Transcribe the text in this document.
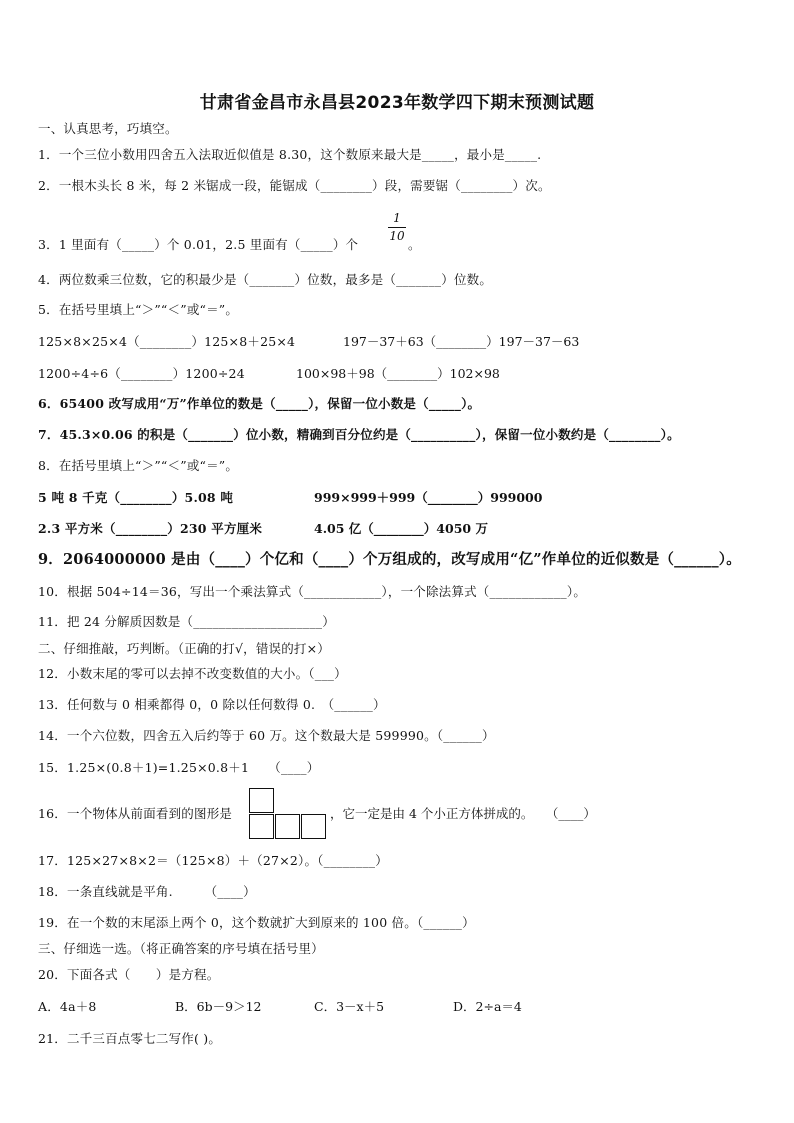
甘肃省金昌市永昌县2023年数学四下期末预测试题
一、认真思考，巧填空。
1．一个三位小数用四舍五入法取近似值是 8.30，这个数原来最大是_____，最小是_____.
2．一根木头长 8 米，每 2 米锯成一段，能锯成（________）段，需要锯（________）次。
3．1 里面有（_____）个 0.01，2.5 里面有（_____）个
1
10
。
4．两位数乘三位数，它的积最少是（_______）位数，最多是（_______）位数。
5．在括号里填上“＞”“＜”或“＝”。
125×8×25×4（________）125×8＋25×4	197－37＋63（________）197－37－63
1200÷4÷6（________）1200÷24	100×98＋98（________）102×98
6．65400 改写成用“万”作单位的数是（_____），保留一位小数是（_____）。
7．45.3×0.06 的积是（_______）位小数，精确到百分位约是（__________），保留一位小数约是（________）。
8．在括号里填上“＞”“＜”或“＝”。
5 吨 8 千克（________）5.08 吨	999×999＋999（________）999000
2.3 平方米（________）230 平方厘米	4.05 亿（________）4050 万
9．2064000000 是由（____）个亿和（____）个万组成的，改写成用“亿”作单位的近似数是（______）。
10．根据 504÷14＝36，写出一个乘法算式（____________），一个除法算式（____________）。
11．把 24 分解质因数是（____________________）
二、仔细推敲，巧判断。（正确的打√，错误的打×）
12．小数末尾的零可以去掉不改变数值的大小。（___）
13．任何数与 0 相乘都得 0，0 除以任何数得 0.　（______）
14．一个六位数，四舍五入后约等于 60 万。这个数最大是 599990。（______）
15．1.25×(0.8＋1)=1.25×0.8＋1　　（____）
16．一个物体从前面看到的图形是	，它一定是由 4 个小正方体拼成的。　　（____）
17．125×27×8×2＝（125×8）＋（27×2）。（________）
18．一条直线就是平角.　　　（____）
19．在一个数的末尾添上两个 0，这个数就扩大到原来的 100 倍。（______）
三、仔细选一选。（将正确答案的序号填在括号里）
20．下面各式（　　）是方程。
A．4a＋8	B．6b－9＞12	C．3－x＋5	D．2÷a＝4
21．二千三百点零七二写作( )。
